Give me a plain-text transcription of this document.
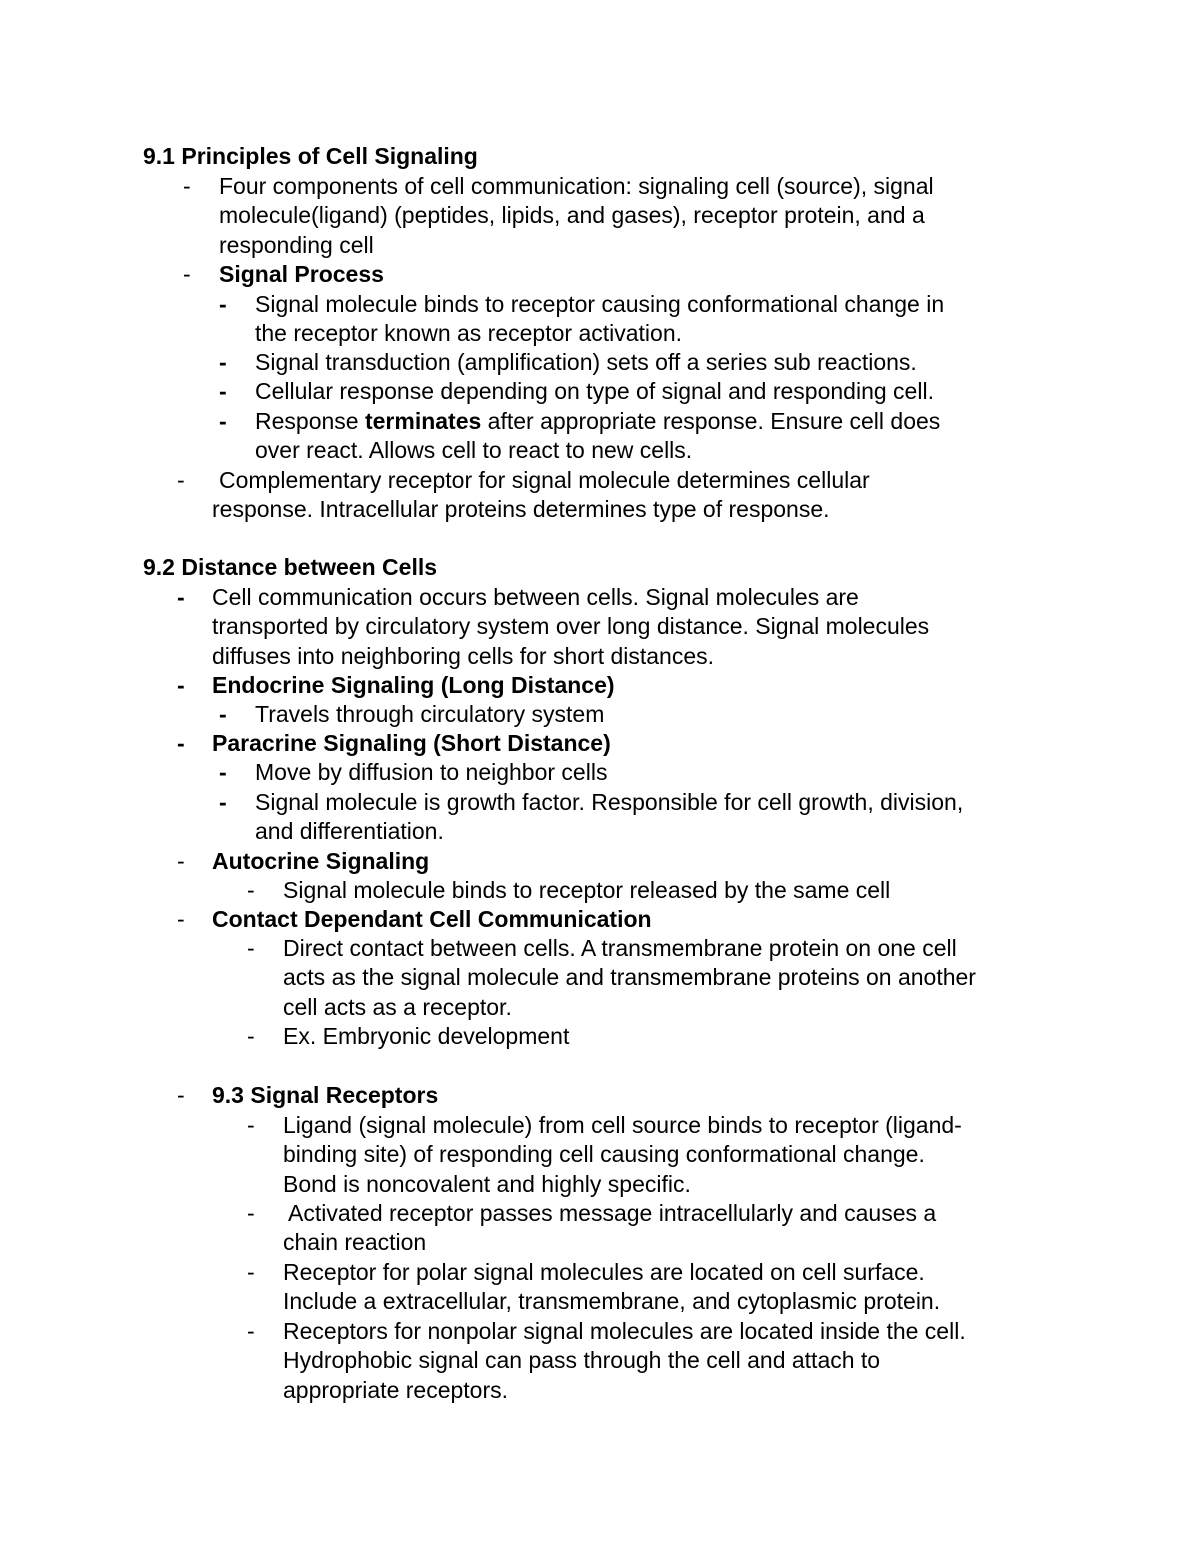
9.1 Principles of Cell Signaling
- Four components of cell communication: signaling cell (source), signal
molecule(ligand) (peptides, lipids, and gases), receptor protein, and a
responding cell
- Signal Process
- Signal molecule binds to receptor causing conformational change in
the receptor known as receptor activation.
- Signal transduction (amplification) sets off a series sub reactions.
- Cellular response depending on type of signal and responding cell.
- Response terminates after appropriate response. Ensure cell does
over react. Allows cell to react to new cells.
-	Complementary receptor for signal molecule determines cellular
response. Intracellular proteins determines type of response.
9.2 Distance between Cells
- Cell communication occurs between cells. Signal molecules are
transported by circulatory system over long distance. Signal molecules
diffuses into neighboring cells for short distances.
- Endocrine Signaling (Long Distance)
- Travels through circulatory system
- Paracrine Signaling (Short Distance)
- Move by diffusion to neighbor cells
- Signal molecule is growth factor. Responsible for cell growth, division,
and differentiation.
- Autocrine Signaling
- Signal molecule binds to receptor released by the same cell
- Contact Dependant Cell Communication
- Direct contact between cells. A transmembrane protein on one cell
acts as the signal molecule and transmembrane proteins on another
cell acts as a receptor.
- Ex. Embryonic development
- 9.3 Signal Receptors
- Ligand (signal molecule) from cell source binds to receptor (ligand-
binding site) of responding cell causing conformational change.
Bond is noncovalent and highly specific.
- Activated receptor passes message intracellularly and causes a
chain reaction
- Receptor for polar signal molecules are located on cell surface.
Include a extracellular, transmembrane, and cytoplasmic protein.
- Receptors for nonpolar signal molecules are located inside the cell.
Hydrophobic signal can pass through the cell and attach to
appropriate receptors.
